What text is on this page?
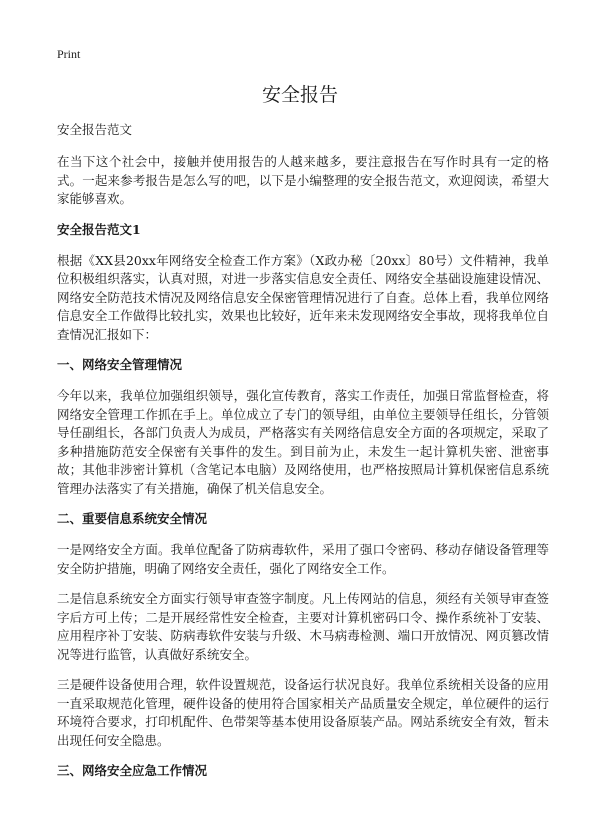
Print
安全报告

安全报告范文

在当下这个社会中，接触并使用报告的人越来越多，要注意报告在写作时具有一定的格式。一起来参考报告是怎么写的吧，以下是小编整理的安全报告范文，欢迎阅读，希望大家能够喜欢。

安全报告范文1

根据《XX县20xx年网络安全检查工作方案》（X政办秘〔20xx〕80号）文件精神，我单位积极组织落实，认真对照，对进一步落实信息安全责任、网络安全基础设施建设情况、网络安全防范技术情况及网络信息安全保密管理情况进行了自查。总体上看，我单位网络信息安全工作做得比较扎实，效果也比较好，近年来未发现网络安全事故，现将我单位自查情况汇报如下：

一、网络安全管理情况

今年以来，我单位加强组织领导，强化宣传教育，落实工作责任，加强日常监督检查，将网络安全管理工作抓在手上。单位成立了专门的领导组，由单位主要领导任组长，分管领导任副组长，各部门负责人为成员，严格落实有关网络信息安全方面的各项规定，采取了多种措施防范安全保密有关事件的发生。到目前为止，未发生一起计算机失密、泄密事故；其他非涉密计算机（含笔记本电脑）及网络使用，也严格按照局计算机保密信息系统管理办法落实了有关措施，确保了机关信息安全。

二、重要信息系统安全情况

一是网络安全方面。我单位配备了防病毒软件，采用了强口令密码、移动存储设备管理等安全防护措施，明确了网络安全责任，强化了网络安全工作。

二是信息系统安全方面实行领导审查签字制度。凡上传网站的信息，须经有关领导审查签字后方可上传；二是开展经常性安全检查，主要对计算机密码口令、操作系统补丁安装、应用程序补丁安装、防病毒软件安装与升级、木马病毒检测、端口开放情况、网页篡改情况等进行监管，认真做好系统安全。

三是硬件设备使用合理，软件设置规范，设备运行状况良好。我单位系统相关设备的应用一直采取规范化管理，硬件设备的使用符合国家相关产品质量安全规定，单位硬件的运行环境符合要求，打印机配件、色带架等基本使用设备原装产品。网站系统安全有效，暂未出现任何安全隐患。

三、网络安全应急工作情况
